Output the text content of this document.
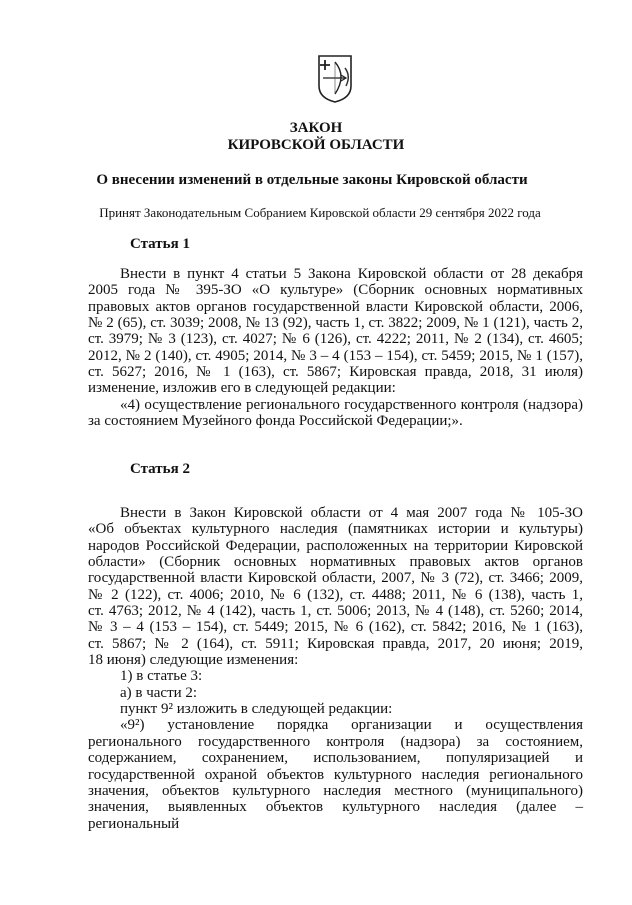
ЗАКОН
КИРОВСКОЙ ОБЛАСТИ
О внесении изменений в отдельные законы Кировской области
Принят Законодательным Собранием Кировской области 29 сентября 2022 года
Статья 1
Внести в пункт 4 статьи 5 Закона Кировской области от 28 декабря
2005 года № 395-ЗО «О культуре» (Сборник основных нормативных
правовых актов органов государственной власти Кировской области, 2006,
№ 2 (65), ст. 3039; 2008, № 13 (92), часть 1, ст. 3822; 2009, № 1 (121), часть 2,
ст. 3979; № 3 (123), ст. 4027; № 6 (126), ст. 4222; 2011, № 2 (134), ст. 4605;
2012, № 2 (140), ст. 4905; 2014, № 3 – 4 (153 – 154), ст. 5459; 2015, № 1 (157),
ст. 5627; 2016, № 1 (163), ст. 5867; Кировская правда, 2018, 31 июля)
изменение, изложив его в следующей редакции:
«4) осуществление регионального государственного контроля (надзора)
за состоянием Музейного фонда Российской Федерации;».
Статья 2
Внести в Закон Кировской области от 4 мая 2007 года № 105-ЗО
«Об объектах культурного наследия (памятниках истории и культуры)
народов Российской Федерации, расположенных на территории Кировской
области» (Сборник основных нормативных правовых актов органов
государственной власти Кировской области, 2007, № 3 (72), ст. 3466; 2009,
№ 2 (122), ст. 4006; 2010, № 6 (132), ст. 4488; 2011, № 6 (138), часть 1,
ст. 4763; 2012, № 4 (142), часть 1, ст. 5006; 2013, № 4 (148), ст. 5260; 2014,
№ 3 – 4 (153 – 154), ст. 5449; 2015, № 6 (162), ст. 5842; 2016, № 1 (163),
ст. 5867; № 2 (164), ст. 5911; Кировская правда, 2017, 20 июня; 2019,
18 июня) следующие изменения:
1) в статье 3:
а) в части 2:
пункт 9² изложить в следующей редакции:
«9²) установление порядка организации и осуществления
регионального государственного контроля (надзора) за состоянием,
содержанием, сохранением, использованием, популяризацией и
государственной охраной объектов культурного наследия регионального
значения, объектов культурного наследия местного (муниципального)
значения, выявленных объектов культурного наследия (далее – региональный
